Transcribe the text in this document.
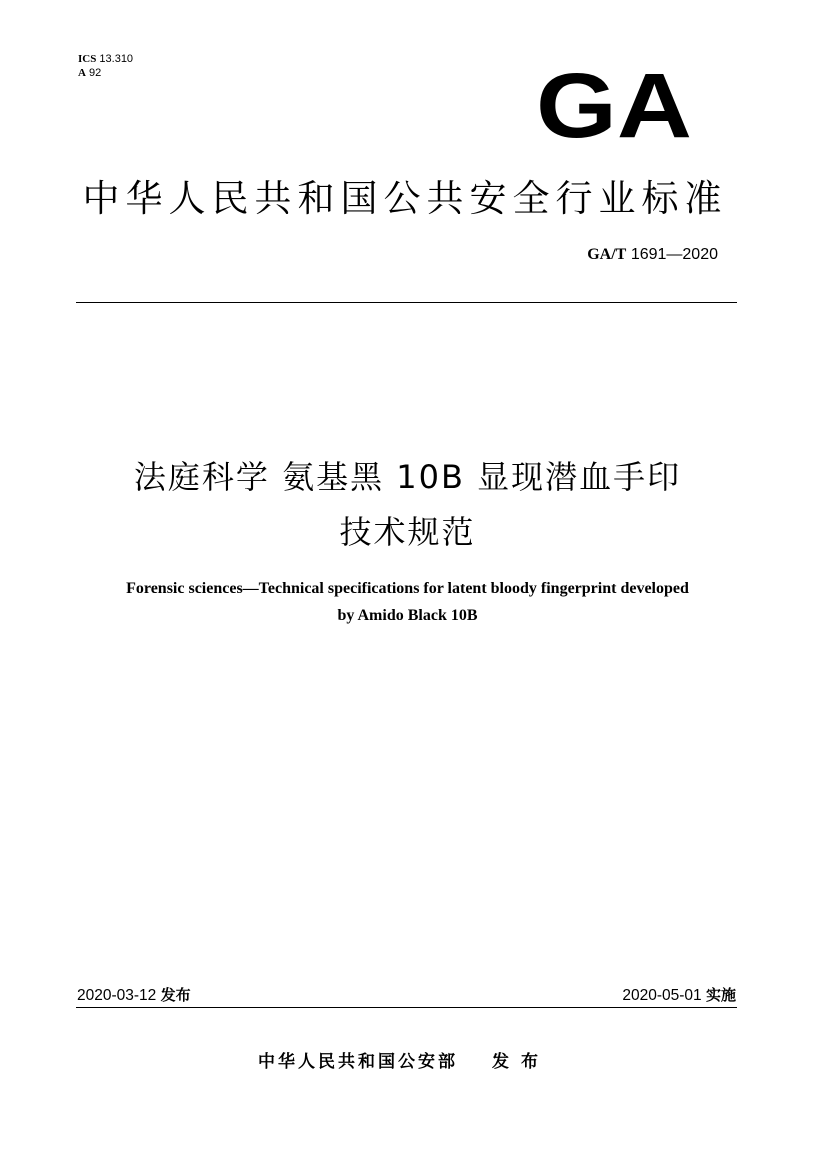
ICS 13.310
A 92	GA
中华人民共和国公共安全行业标准
GA/T 1691—2020
法庭科学 氨基黑 10B 显现潜血手印
技术规范
Forensic sciences—Technical specifications for latent bloody fingerprint developed
by Amido Black 10B
2020-03-12 发布	2020-05-01 实施
中华人民共和国公安部 发布
